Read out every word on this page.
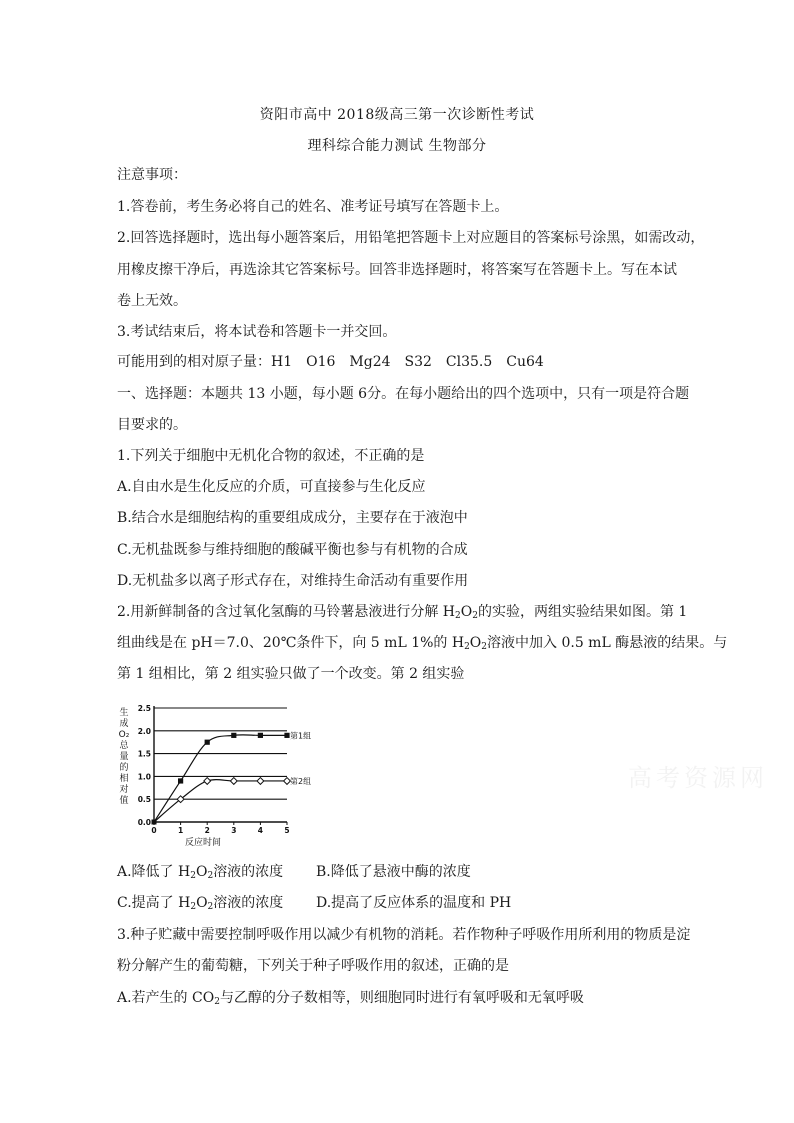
资阳市高中 2018级高三第一次诊断性考试
理科综合能力测试 生物部分
注意事项：
1.答卷前，考生务必将自己的姓名、准考证号填写在答题卡上。
2.回答选择题时，选出每小题答案后，用铅笔把答题卡上对应题目的答案标号涂黑，如需改动，
用橡皮擦干净后，再选涂其它答案标号。回答非选择题时，将答案写在答题卡上。写在本试
卷上无效。
3.考试结束后，将本试卷和答题卡一并交回。
可能用到的相对原子量：H1　O16　Mg24　S32　Cl35.5　Cu64
一、选择题：本题共 13 小题，每小题 6分。在每小题给出的四个选项中，只有一项是符合题
目要求的。
1.下列关于细胞中无机化合物的叙述，不正确的是
A.自由水是生化反应的介质，可直接参与生化反应
B.结合水是细胞结构的重要组成成分，主要存在于液泡中
C.无机盐既参与维持细胞的酸碱平衡也参与有机物的合成
D.无机盐多以离子形式存在，对维持生命活动有重要作用
2.用新鲜制备的含过氧化氢酶的马铃薯悬液进行分解 $H_2O_2$的实验，两组实验结果如图。第 1
组曲线是在 pH＝7.0、20℃条件下，向 5 mL 1%的 $H_2O_2$溶液中加入 0.5 mL 酶悬液的结果。与
第 1 组相比，第 2 组实验只做了一个改变。第 2 组实验
0.0
0.5
1.0
1.5
2.0
2.5
0	1	2	3	4	5
第1组
第2组
生
成
O₂
总
量
的
相
对
值
反应时间
A.降低了 $H_2O_2$溶液的浓度 B.降低了悬液中酶的浓度
C.提高了 $H_2O_2$溶液的浓度 D.提高了反应体系的温度和 PH
3.种子贮藏中需要控制呼吸作用以减少有机物的消耗。若作物种子呼吸作用所利用的物质是淀
粉分解产生的葡萄糖，下列关于种子呼吸作用的叙述，正确的是
A.若产生的 $CO_2$与乙醇的分子数相等，则细胞同时进行有氧呼吸和无氧呼吸
高考资源网
